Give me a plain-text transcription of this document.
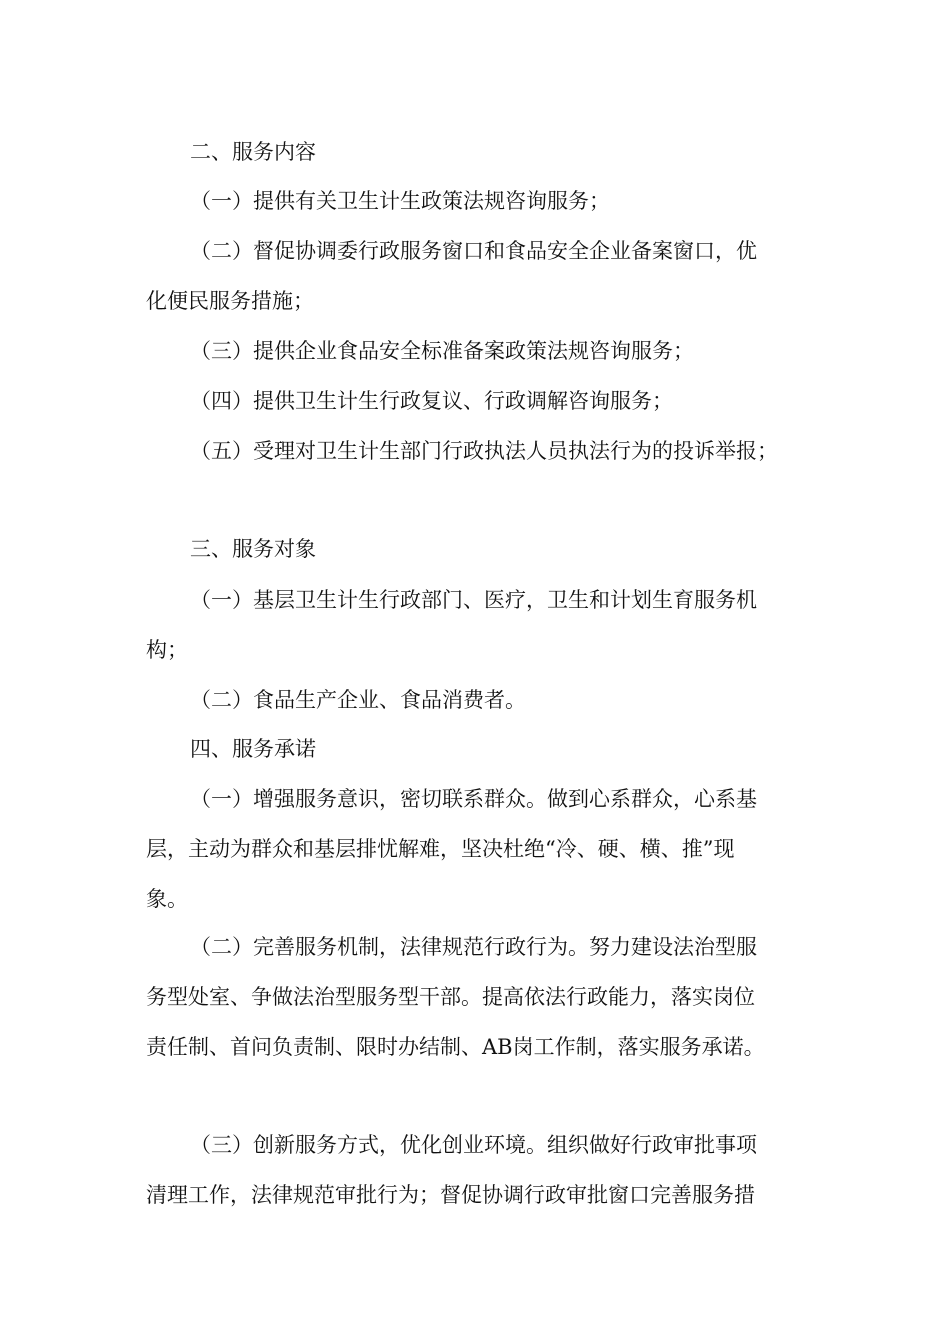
二、服务内容
（一）提供有关卫生计生政策法规咨询服务；
（二）督促协调委行政服务窗口和食品安全企业备案窗口，优
化便民服务措施；
（三）提供企业食品安全标准备案政策法规咨询服务；
（四）提供卫生计生行政复议、行政调解咨询服务；
（五）受理对卫生计生部门行政执法人员执法行为的投诉举报；
三、服务对象
（一）基层卫生计生行政部门、医疗，卫生和计划生育服务机
构；
（二）食品生产企业、食品消费者。
四、服务承诺
（一）增强服务意识，密切联系群众。做到心系群众，心系基
层，主动为群众和基层排忧解难，坚决杜绝“冷、硬、横、推”现
象。
（二）完善服务机制，法律规范行政行为。努力建设法治型服
务型处室、争做法治型服务型干部。提高依法行政能力，落实岗位
责任制、首问负责制、限时办结制、AB岗工作制，落实服务承诺。
（三）创新服务方式，优化创业环境。组织做好行政审批事项
清理工作，法律规范审批行为；督促协调行政审批窗口完善服务措
